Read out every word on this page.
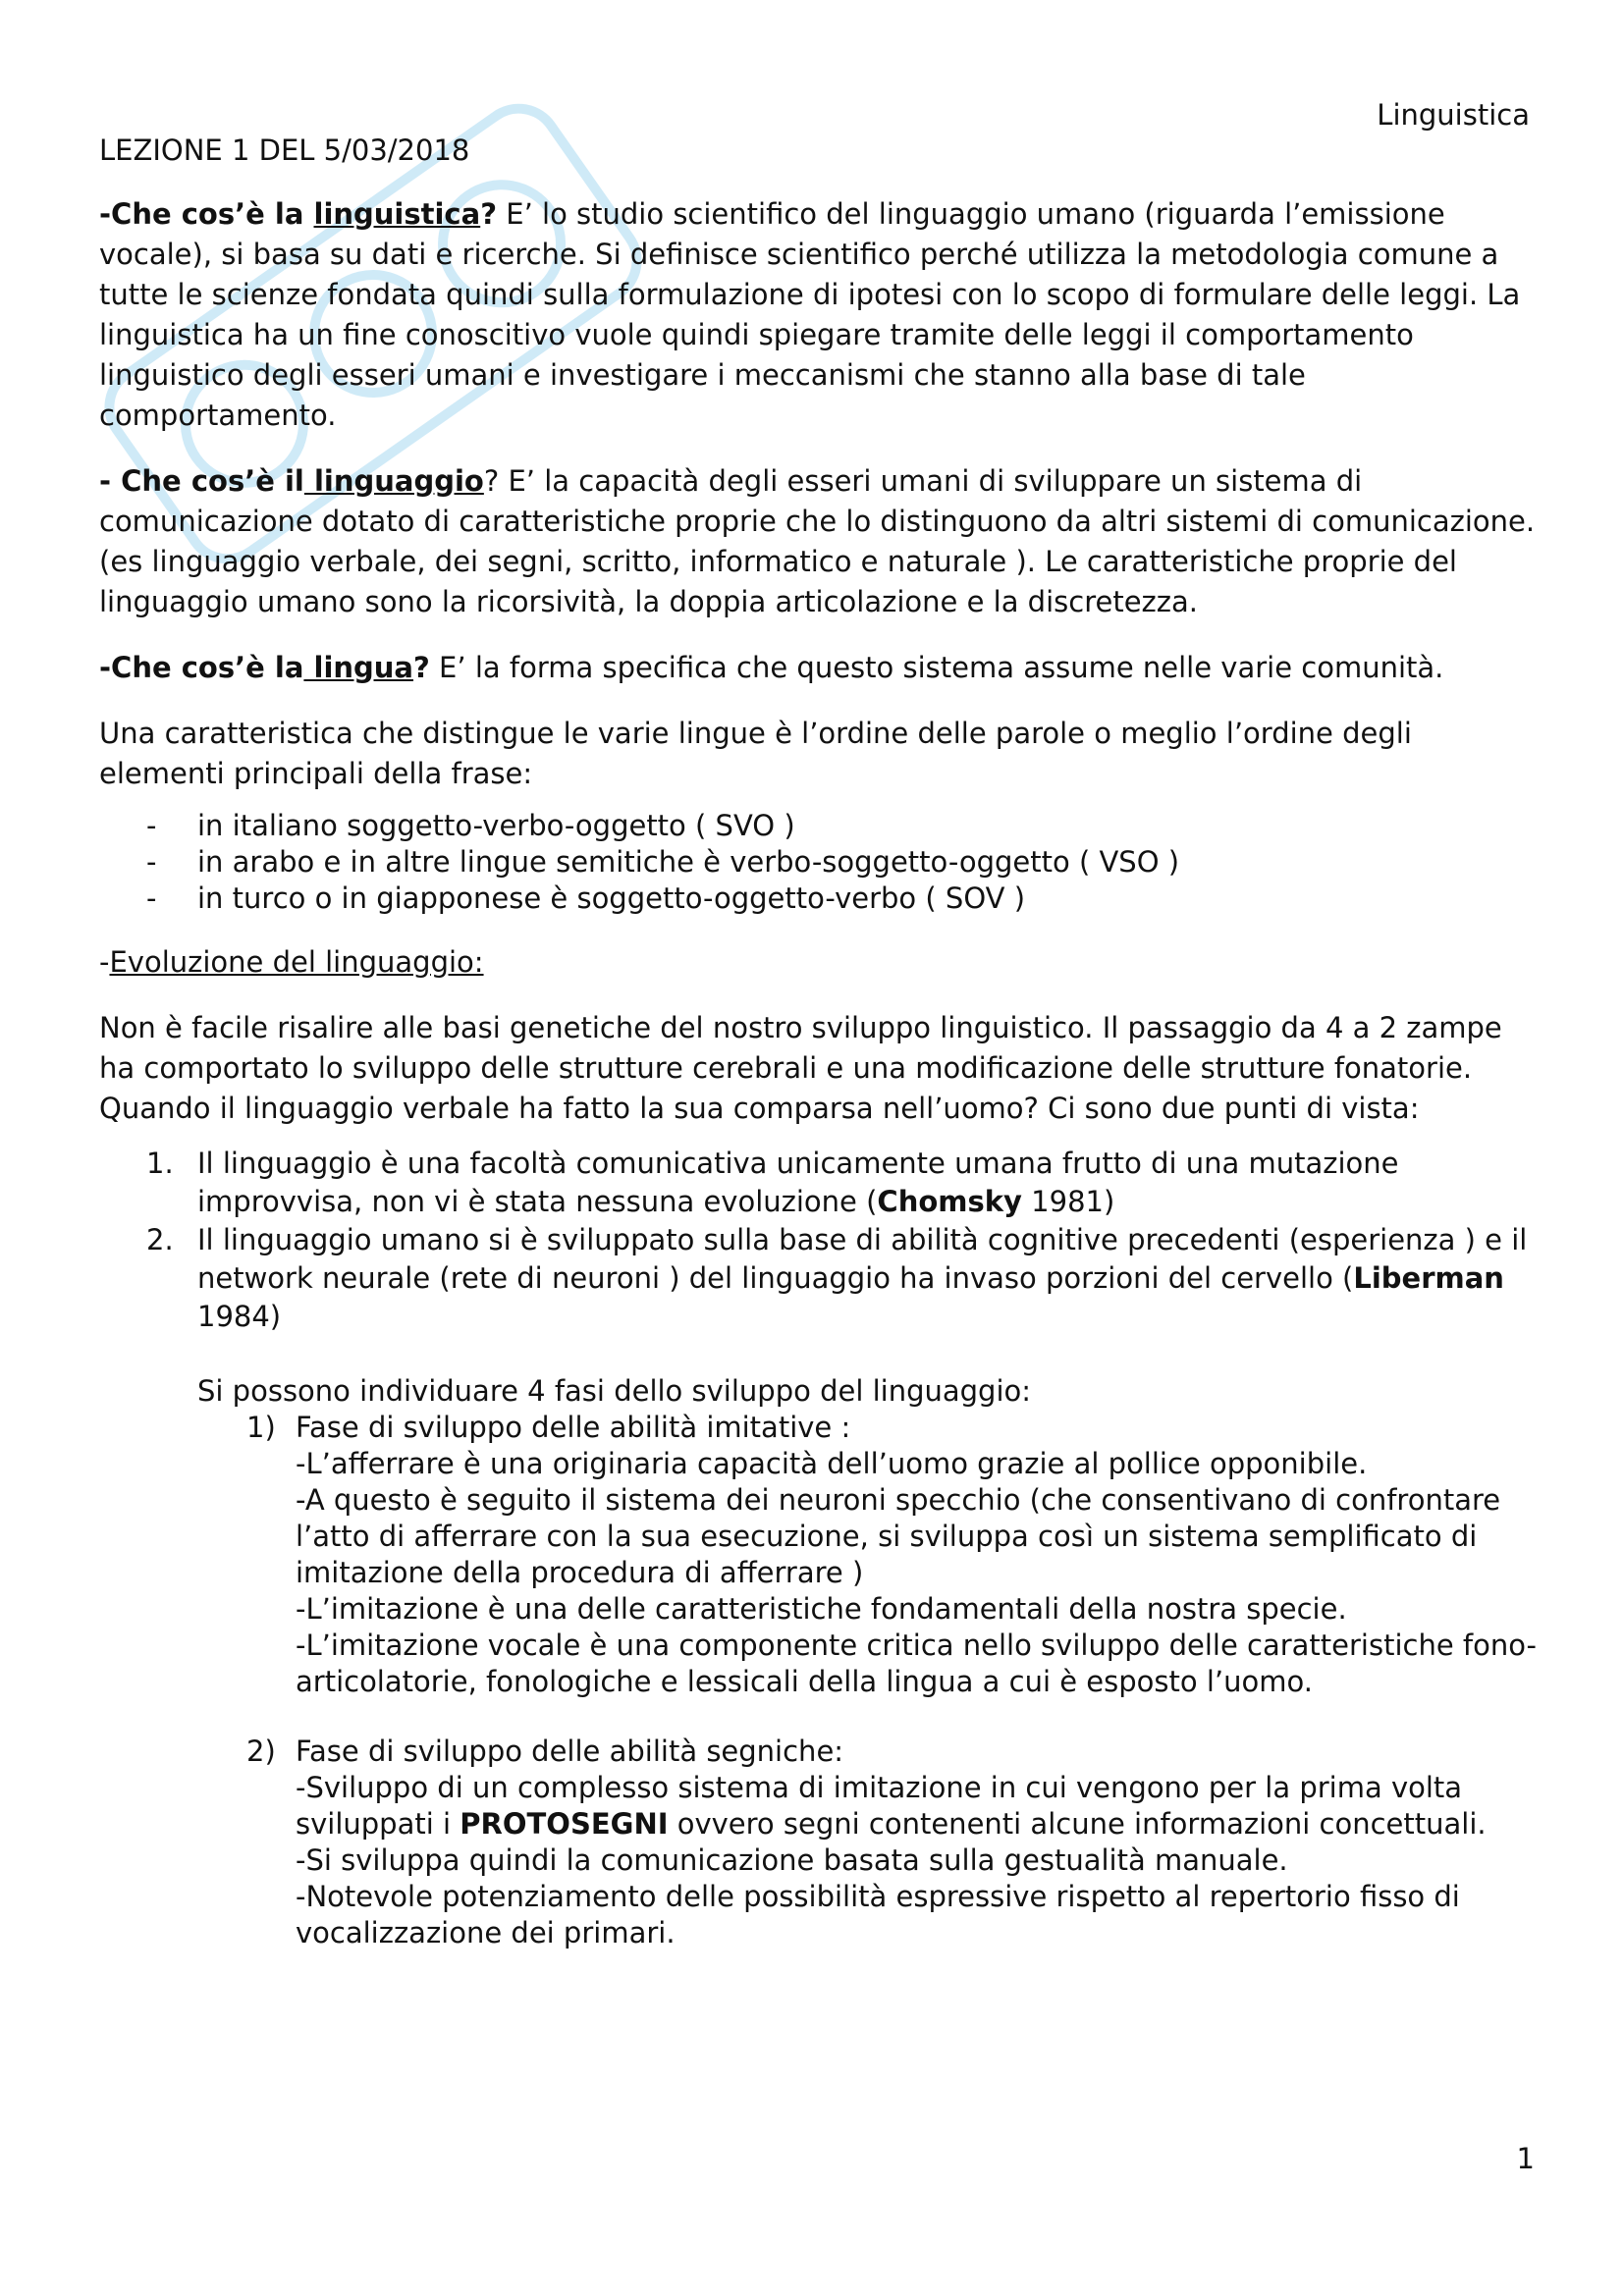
Linguistica
LEZIONE 1 DEL 5/03/2018

-Che cos’è la linguistica? E’ lo studio scientifico del linguaggio umano (riguarda l’emissione vocale), si basa su dati e ricerche. Si definisce scientifico perché utilizza la metodologia comune a tutte le scienze fondata quindi sulla formulazione di ipotesi con lo scopo di formulare delle leggi. La linguistica ha un fine conoscitivo vuole quindi spiegare tramite delle leggi il comportamento linguistico degli esseri umani e investigare i meccanismi che stanno alla base di tale comportamento.

- Che cos’è il linguaggio? E’ la capacità degli esseri umani di sviluppare un sistema di comunicazione dotato di caratteristiche proprie che lo distinguono da altri sistemi di comunicazione. (es linguaggio verbale, dei segni, scritto, informatico e naturale ). Le caratteristiche proprie del linguaggio umano sono la ricorsività, la doppia articolazione e la discretezza.

-Che cos’è la lingua? E’ la forma specifica che questo sistema assume nelle varie comunità.

Una caratteristica che distingue le varie lingue è l’ordine delle parole o meglio l’ordine degli elementi principali della frase:

- in italiano soggetto-verbo-oggetto ( SVO )
- in arabo e in altre lingue semitiche è verbo-soggetto-oggetto ( VSO )
- in turco o in giapponese è soggetto-oggetto-verbo ( SOV )

-Evoluzione del linguaggio:

Non è facile risalire alle basi genetiche del nostro sviluppo linguistico. Il passaggio da 4 a 2 zampe ha comportato lo sviluppo delle strutture cerebrali e una modificazione delle strutture fonatorie. Quando il linguaggio verbale ha fatto la sua comparsa nell’uomo? Ci sono due punti di vista:

1. Il linguaggio è una facoltà comunicativa unicamente umana frutto di una mutazione improvvisa, non vi è stata nessuna evoluzione (Chomsky 1981)
2. Il linguaggio umano si è sviluppato sulla base di abilità cognitive precedenti (esperienza ) e il network neurale (rete di neuroni ) del linguaggio ha invaso porzioni del cervello (Liberman 1984)
Si possono individuare 4 fasi dello sviluppo del linguaggio:
1) Fase di sviluppo delle abilità imitative :
-L’afferrare è una originaria capacità dell’uomo grazie al pollice opponibile.
-A questo è seguito il sistema dei neuroni specchio (che consentivano di confrontare l’atto di afferrare con la sua esecuzione, si sviluppa così un sistema semplificato di imitazione della procedura di afferrare )
-L’imitazione è una delle caratteristiche fondamentali della nostra specie.
-L’imitazione vocale è una componente critica nello sviluppo delle caratteristiche fono-articolatorie, fonologiche e lessicali della lingua a cui è esposto l’uomo.
2) Fase di sviluppo delle abilità segniche:
-Sviluppo di un complesso sistema di imitazione in cui vengono per la prima volta sviluppati i PROTOSEGNI ovvero segni contenenti alcune informazioni concettuali.
-Si sviluppa quindi la comunicazione basata sulla gestualità manuale.
-Notevole potenziamento delle possibilità espressive rispetto al repertorio fisso di vocalizzazione dei primari.
1
